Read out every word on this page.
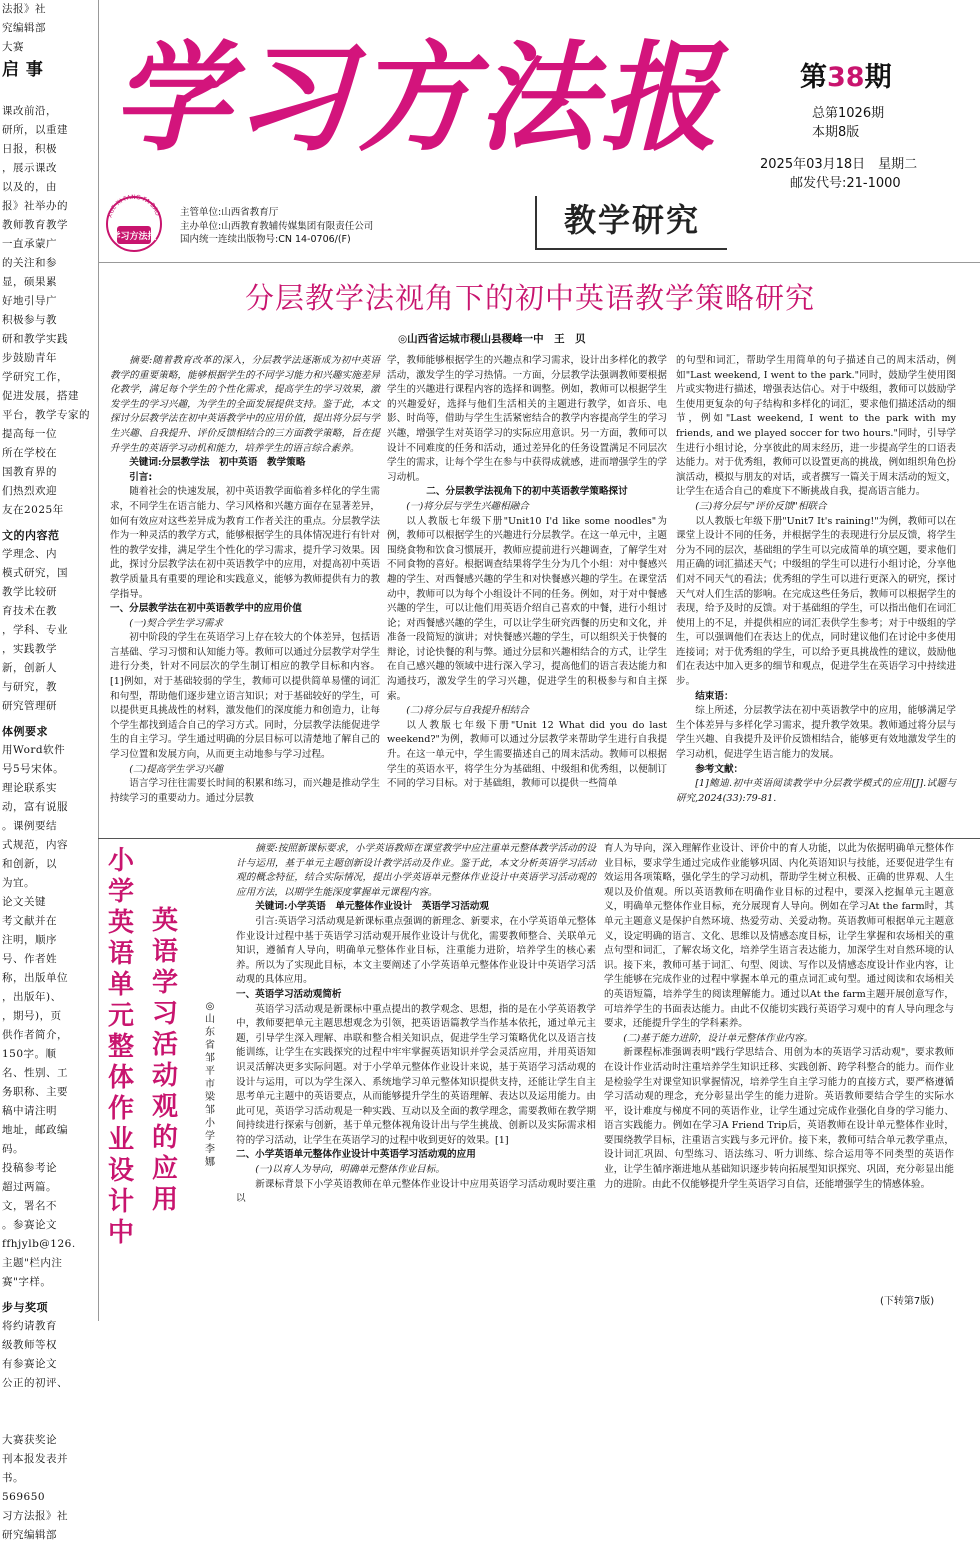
法报》社

究编辑部

大赛

启 事

课改前沿，

研所，以重建

日报，积极

，展示课改

以及的，由

报》社举办的

教师教育教学

一直承蒙广

的关注和参

显，硕果累

好地引导广

积极参与教

研和教学实践

步鼓励青年

学研究工作，

促进发展，搭建

平台，教学专家的

提高每一位

所在学校在

国教育界的

们热烈欢迎

友在2025年

文的内容范

学理念、内

模式研究，国

教学比较研

育技术在教

，学科、专业

，实践教学

新，创新人

与研究，教

研究管理研

体例要求

用Word软件

号5号宋体。

理论联系实

动，富有说服

。课例要结

式规范，内容

和创新，以

为宜。

论文关键

考文献并在

注明，顺序

号、作者姓

称，出版单位

，出版年)、

，期号)，页

供作者简介，

150字。顺

名、性别、工

务职称、主要

稿中请注明

地址，邮政编

码。

投稿参考论

超过两篇。

文，署名不

。参赛论文

ffhjylb@126.

主题"栏内注

赛"字样。

步与奖项

将约请教育

级教师等权

有参赛论文

公正的初评、

大赛获奖论

刊本报发表并

书。

569650

习方法报》社

研究编辑部

学习方法报	第38期
总第1026期
本期8版
2025年03月18日　星期二
邮发代号:21-1000
XUE XI FANG FA BAO
学习方法报
主管单位:山西省教育厅
主办单位:山西教育教辅传媒集团有限责任公司
国内统一连续出版物号:CN 14-0706/(F)
教学研究
分层教学法视角下的初中英语教学策略研究
◎山西省运城市稷山县稷峰一中　王　贝

摘要:随着教育改革的深入，分层教学法逐渐成为初中英语教学的重要策略，能够根据学生的不同学习能力和兴趣实施差异化教学，满足每个学生的个性化需求，提高学生的学习效果，激发学生的学习兴趣，为学生的全面发展提供支持。鉴于此，本文探讨分层教学法在初中英语教学中的应用价值，提出将分层与学生兴趣、自我提升、评价反馈相结合的三方面教学策略，旨在提升学生的英语学习动机和能力，培养学生的语言综合素养。

关键词:分层教学法　初中英语　教学策略

引言:

随着社会的快速发展，初中英语教学面临着多样化的学生需求，不同学生在语言能力、学习风格和兴趣方面存在显著差异，如何有效应对这些差异成为教育工作者关注的重点。分层教学法作为一种灵活的教学方式，能够根据学生的具体情况进行有针对性的教学安排，满足学生个性化的学习需求，提升学习效果。因此，探讨分层教学法在初中英语教学中的应用，对提高初中英语教学质量具有重要的理论和实践意义，能够为教师提供有力的教学指导。

一、分层教学法在初中英语教学中的应用价值

(一)契合学生学习需求

初中阶段的学生在英语学习上存在较大的个体差异，包括语言基础、学习习惯和认知能力等。教师可以通过分层教学对学生进行分类，针对不同层次的学生制订相应的教学目标和内容。[1]例如，对于基础较弱的学生，教师可以提供简单易懂的词汇和句型，帮助他们逐步建立语言知识；对于基础较好的学生，可以提供更具挑战性的材料，激发他们的深度能力和创造力，让每个学生都找到适合自己的学习方式。同时，分层教学法能促进学生的自主学习。学生通过明确的分层目标可以清楚地了解自己的学习位置和发展方向，从而更主动地参与学习过程。

(二)提高学生学习兴趣

语言学习往往需要长时间的积累和练习，而兴趣是推动学生持续学习的重要动力。通过分层教

学，教师能够根据学生的兴趣点和学习需求，设计出多样化的教学活动，激发学生的学习热情。一方面，分层教学法强调教师要根据学生的兴趣进行课程内容的选择和调整。例如，教师可以根据学生的兴趣爱好，选择与他们生活相关的主题进行教学，如音乐、电影、时尚等，借助与学生生活紧密结合的教学内容提高学生的学习兴趣，增强学生对英语学习的实际应用意识。另一方面，教师可以设计不同难度的任务和活动，通过差异化的任务设置满足不同层次学生的需求，让每个学生在参与中获得成就感，进而增强学生的学习动机。

二、分层教学法视角下的初中英语教学策略探讨

(一)将分层与学生兴趣相融合

以人教版七年级下册"Unit10 I'd like some noodles"为例，教师可以根据学生的兴趣进行分层教学。在这一单元中，主题围绕食物和饮食习惯展开，教师应提前进行兴趣调查，了解学生对不同食物的喜好。根据调查结果将学生分为几个小组：对中餐感兴趣的学生、对西餐感兴趣的学生和对快餐感兴趣的学生。在课堂活动中，教师可以为每个小组设计不同的任务。例如，对于对中餐感兴趣的学生，可以让他们用英语介绍自己喜欢的中餐，进行小组讨论；对西餐感兴趣的学生，可以让学生研究西餐的历史和文化，并准备一段简短的演讲；对快餐感兴趣的学生，可以组织关于快餐的辩论，讨论快餐的利与弊。通过分层和兴趣相结合的方式，让学生在自己感兴趣的领域中进行深入学习，提高他们的语言表达能力和沟通技巧，激发学生的学习兴趣，促进学生的积极参与和自主探索。

(二)将分层与自我提升相结合

以人教版七年级下册"Unit 12 What did you do last weekend?"为例，教师可以通过分层教学来帮助学生进行自我提升。在这一单元中，学生需要描述自己的周末活动。教师可以根据学生的英语水平，将学生分为基础组、中级组和优秀组，以便制订不同的学习目标。对于基础组，教师可以提供一些简单

的句型和词汇，帮助学生用简单的句子描述自己的周末活动，例如"Last weekend, I went to the park."同时，鼓励学生使用图片或实物进行描述，增强表达信心。对于中级组，教师可以鼓励学生使用更复杂的句子结构和多样化的词汇，要求他们描述活动的细节，例如"Last weekend, I went to the park with my friends, and we played soccer for two hours."同时，引导学生进行小组讨论，分享彼此的周末经历，进一步提高学生的口语表达能力。对于优秀组，教师可以设置更高的挑战，例如组织角色扮演活动，模拟与朋友的对话，或者撰写一篇关于周末活动的短文，让学生在适合自己的难度下不断挑战自我，提高语言能力。

(三)将分层与"评价反馈"相联合

以人教版七年级下册"Unit7 It's raining!"为例，教师可以在课堂上设计不同的任务，并根据学生的表现进行分层反馈，将学生分为不同的层次，基础组的学生可以完成简单的填空题，要求他们用正确的词汇描述天气；中级组的学生可以进行小组讨论，分享他们对不同天气的看法；优秀组的学生可以进行更深入的研究，探讨天气对人们生活的影响。在完成这些任务后，教师可以根据学生的表现，给予及时的反馈。对于基础组的学生，可以指出他们在词汇使用上的不足，并提供相应的词汇表供学生参考；对于中级组的学生，可以强调他们在表达上的优点，同时建议他们在讨论中多使用连接词；对于优秀组的学生，可以给予更具挑战性的建议，鼓励他们在表达中加入更多的细节和观点，促进学生在英语学习中持续进步。

结束语：

综上所述，分层教学法在初中英语教学中的应用，能够满足学生个体差异与多样化学习需求，提升教学效果。教师通过将分层与学生兴趣、自我提升及评价反馈相结合，能够更有效地激发学生的学习动机，促进学生语言能力的发展。

参考文献：

[1]鲍迪.初中英语阅读教学中分层教学模式的应用[J].试题与研究,2024(33):79-81.

小学英语单元整体作业设计中
英语学习活动观的应用
◎山东省邹平市梁邹小学　李　娜

摘要:按照新课标要求，小学英语教师在课堂教学中应注重单元整体教学活动的设计与运用，基于单元主题创新设计教学活动及作业。鉴于此，本文分析英语学习活动观的概念特征，结合实际情况，提出小学英语单元整体作业设计中英语学习活动观的应用方法，以期学生能深度掌握单元课程内容。

关键词:小学英语　单元整体作业设计　英语学习活动观

引言:英语学习活动观是新课标重点强调的新理念、新要求，在小学英语单元整体作业设计过程中基于英语学习活动观开展作业设计与优化，需要教师整合、关联单元知识，遵循育人导向，明确单元整体作业目标，注重能力进阶，培养学生的核心素养。所以为了实现此目标，本文主要阐述了小学英语单元整体作业设计中英语学习活动观的具体应用。

一、英语学习活动观简析

英语学习活动观是新课标中重点提出的教学观念、思想，指的是在小学英语教学中，教师要把单元主题思想观念为引领，把英语语篇教学当作基本依托，通过单元主题，引导学生深入理解、串联和整合相关知识点，促进学生学习策略优化以及语言技能训练，让学生在实践探究的过程中牢牢掌握英语知识并学会灵活应用，并用英语知识灵活解决更多实际问题。对于小学单元整体作业设计来说，基于英语学习活动观的设计与运用，可以为学生深入、系统地学习单元整体知识提供支持，还能让学生自主思考单元主题中的英语要点，从而能够提升学生的英语理解、表达以及运用能力。由此可见，英语学习活动观是一种实践、互动以及全面的教学理念，需要教师在教学期间持续进行探索与创新，基于单元整体视角设计出与学生挑战、创新以及实际需求相符的学习活动，让学生在英语学习的过程中收到更好的效果。[1]

二、小学英语单元整体作业设计中英语学习活动观的应用

(一)以育人为导向，明确单元整体作业目标。

新课标背景下小学英语教师在单元整体作业设计中应用英语学习活动观时要注重以

育人为导向，深入理解作业设计、评价中的育人功能，以此为依据明确单元整体作业目标，要求学生通过完成作业能够巩固、内化英语知识与技能，还要促进学生有效运用各项策略，强化学生的学习动机，帮助学生树立积极、正确的世界观、人生观以及价值观。所以英语教师在明确作业目标的过程中，要深入挖掘单元主题意义，明确单元整体作业目标，充分展现育人导向。例如在学习At the farm时，其单元主题意义是保护自然环境、热爱劳动、关爱动物。英语教师可根据单元主题意义，设定明确的语言、文化、思维以及情感态度目标，让学生掌握和农场相关的重点句型和词汇，了解农场文化，培养学生语言表达能力，加深学生对自然环境的认识。接下来，教师可基于词汇、句型、阅读、写作以及情感态度设计作业内容，让学生能够在完成作业的过程中掌握本单元的重点词汇或句型。通过阅读和农场相关的英语短篇，培养学生的阅读理解能力。通过以At the farm主题开展创意写作，可培养学生的书面表达能力。由此不仅能切实践行英语学习观中的育人导向理念与要求，还能提升学生的学科素养。

(二)基于能力进阶，设计单元整体作业内容。

新课程标准强调表明"践行学思结合、用创为本的英语学习活动观"，要求教师在设计作业活动时注重培养学生知识迁移、实践创新、跨学科整合的能力。而作业是检验学生对课堂知识掌握情况，培养学生自主学习能力的直接方式，要严格遵循学习活动观的理念，充分彰显出学生的能力进阶。英语教师要结合学生的实际水平，设计难度与梯度不同的英语作业，让学生通过完成作业强化自身的学习能力、语言实践能力。例如在学习A Friend Trip后，英语教师在设计单元整体作业时，要围绕教学目标，注重语言实践与多元评价。接下来，教师可结合单元教学重点，设计词汇巩固、句型练习、语法练习、听力训练、综合运用等不同类型的英语作业，让学生循序渐进地从基础知识逐步转向拓展型知识探究、巩固，充分彰显出能力的进阶。由此不仅能够提升学生英语学习自信，还能增强学生的情感体验。

(下转第7版)
